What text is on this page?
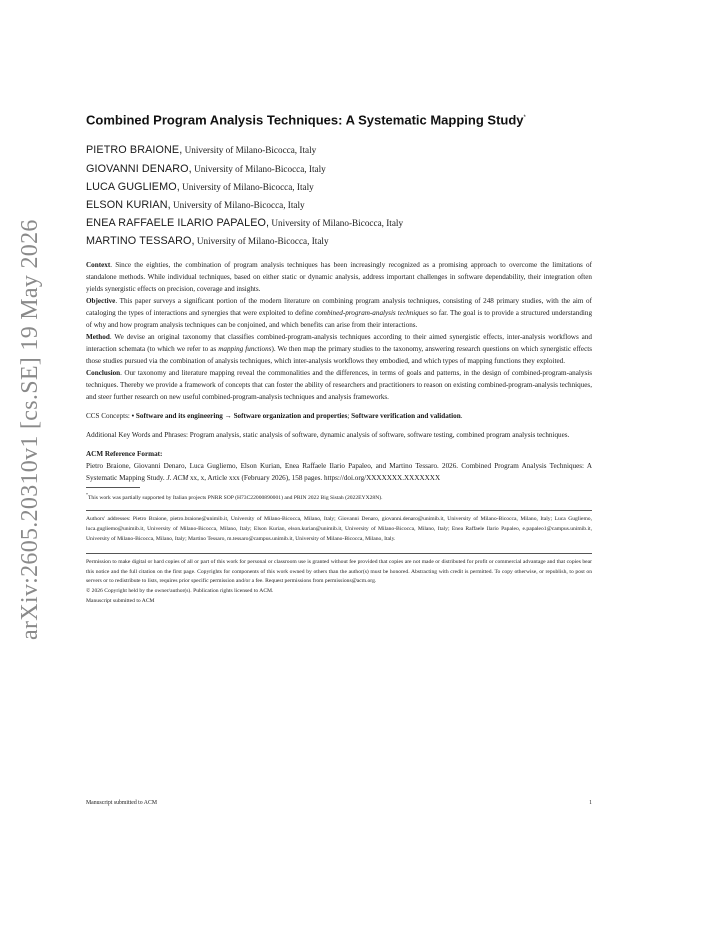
arXiv:2605.20310v1 [cs.SE] 19 May 2026
Combined Program Analysis Techniques: A Systematic Mapping Study*
PIETRO BRAIONE, University of Milano-Bicocca, Italy
GIOVANNI DENARO, University of Milano-Bicocca, Italy
LUCA GUGLIEMO, University of Milano-Bicocca, Italy
ELSON KURIAN, University of Milano-Bicocca, Italy
ENEA RAFFAELE ILARIO PAPALEO, University of Milano-Bicocca, Italy
MARTINO TESSARO, University of Milano-Bicocca, Italy

Context. Since the eighties, the combination of program analysis techniques has been increasingly recognized as a promising approach to overcome the limitations of standalone methods. While individual techniques, based on either static or dynamic analysis, address important challenges in software dependability, their integration often yields synergistic effects on precision, coverage and insights.

Objective. This paper surveys a significant portion of the modern literature on combining program analysis techniques, consisting of 248 primary studies, with the aim of cataloging the types of interactions and synergies that were exploited to define combined-program-analysis techniques so far. The goal is to provide a structured understanding of why and how program analysis techniques can be conjoined, and which benefits can arise from their interactions.

Method. We devise an original taxonomy that classifies combined-program-analysis techniques according to their aimed synergistic effects, inter-analysis workflows and interaction schemata (to which we refer to as mapping functions). We then map the primary studies to the taxonomy, answering research questions on which synergistic effects those studies pursued via the combination of analysis techniques, which inter-analysis workflows they embodied, and which types of mapping functions they exploited.

Conclusion. Our taxonomy and literature mapping reveal the commonalities and the differences, in terms of goals and patterns, in the design of combined-program-analysis techniques. Thereby we provide a framework of concepts that can foster the ability of researchers and practitioners to reason on existing combined-program-analysis techniques, and steer further research on new useful combined-program-analysis techniques and analysis frameworks.

CCS Concepts: • Software and its engineering → Software organization and properties; Software verification and validation.
Additional Key Words and Phrases: Program analysis, static analysis of software, dynamic analysis of software, software testing, combined program analysis techniques.
ACM Reference Format:
Pietro Braione, Giovanni Denaro, Luca Gugliemo, Elson Kurian, Enea Raffaele Ilario Papaleo, and Martino Tessaro. 2026. Combined Program Analysis Techniques: A Systematic Mapping Study. J. ACM xx, x, Article xxx (February 2026), 158 pages. https://doi.org/XXXXXXX.XXXXXXX
*This work was partially supported by Italian projects PNRR SOP (H73C22000890001) and PRIN 2022 Big Sistah (2022EYX28N).
Authors' addresses: Pietro Braione, pietro.braione@unimib.it, University of Milano-Bicocca, Milano, Italy; Giovanni Denaro, giovanni.denaro@unimib.it, University of Milano-Bicocca, Milano, Italy; Luca Gugliemo, luca.gugliemo@unimib.it, University of Milano-Bicocca, Milano, Italy; Elson Kurian, elson.kurian@unimib.it, University of Milano-Bicocca, Milano, Italy; Enea Raffaele Ilario Papaleo, e.papaleo1@campus.unimib.it, University of Milano-Bicocca, Milano, Italy; Martino Tessaro, m.tessaro@campus.unimib.it, University of Milano-Bicocca, Milano, Italy.

Permission to make digital or hard copies of all or part of this work for personal or classroom use is granted without fee provided that copies are not made or distributed for profit or commercial advantage and that copies bear this notice and the full citation on the first page. Copyrights for components of this work owned by others than the author(s) must be honored. Abstracting with credit is permitted. To copy otherwise, or republish, to post on servers or to redistribute to lists, requires prior specific permission and/or a fee. Request permissions from permissions@acm.org.

© 2026 Copyright held by the owner/author(s). Publication rights licensed to ACM.

Manuscript submitted to ACM

Manuscript submitted to ACM	1
